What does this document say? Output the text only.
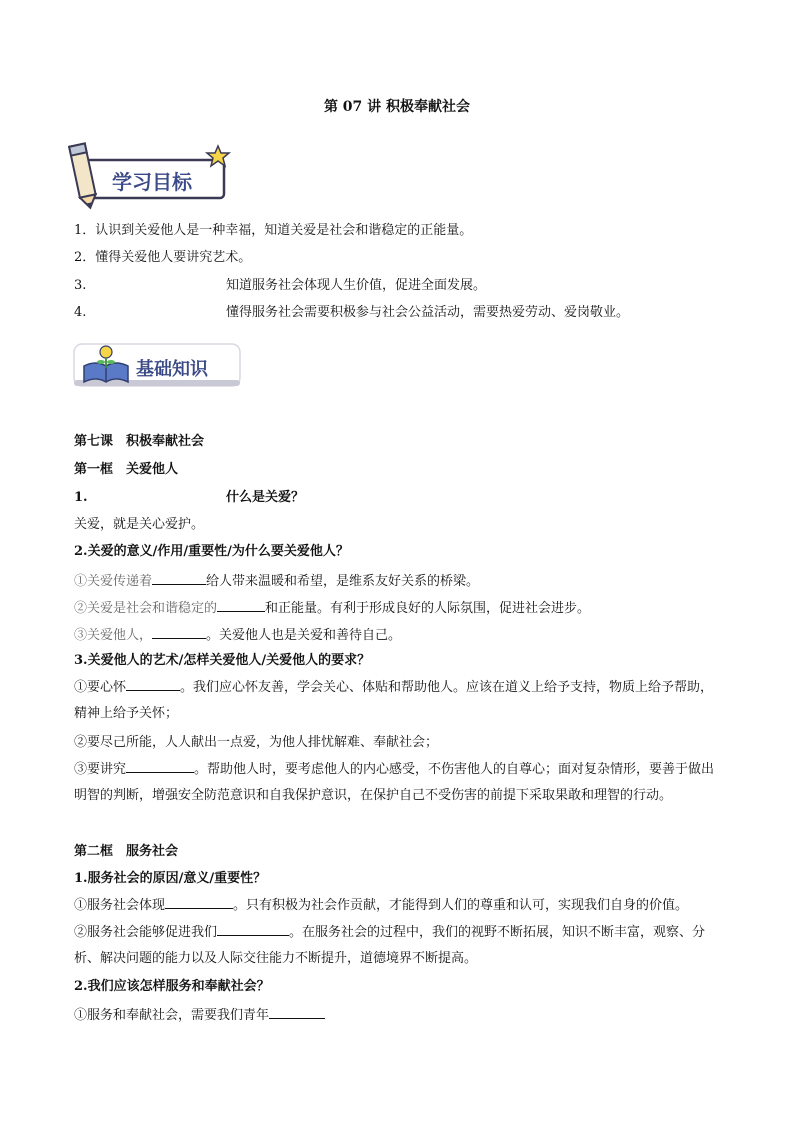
第 07 讲 积极奉献社会
学习目标
1．认识到关爱他人是一种幸福，知道关爱是社会和谐稳定的正能量。
2．懂得关爱他人要讲究艺术。
3.	知道服务社会体现人生价值，促进全面发展。
4.	懂得服务社会需要积极参与社会公益活动，需要热爱劳动、爱岗敬业。
基础知识
第七课　积极奉献社会
第一框　关爱他人
1.	什么是关爱？
关爱，就是关心爱护。
2.关爱的意义/作用/重要性/为什么要关爱他人？
①关爱传递着	给人带来温暖和希望，是维系友好关系的桥梁。
②关爱是社会和谐稳定的	和正能量。有利于形成良好的人际氛围，促进社会进步。
③关爱他人，	。关爱他人也是关爱和善待自己。
3.关爱他人的艺术/怎样关爱他人/关爱他人的要求？
①要心怀	。我们应心怀友善，学会关心、体贴和帮助他人。应该在道义上给予支持，物质上给予帮助，精神上给予关怀；
②要尽己所能，人人献出一点爱，为他人排忧解难、奉献社会；
③要讲究	。帮助他人时，要考虑他人的内心感受，不伤害他人的自尊心；面对复杂情形，要善于做出明智的判断，增强安全防范意识和自我保护意识，在保护自己不受伤害的前提下采取果敢和理智的行动。
第二框　服务社会
1.服务社会的原因/意义/重要性？
①服务社会体现	。只有积极为社会作贡献，才能得到人们的尊重和认可，实现我们自身的价值。
②服务社会能够促进我们	。在服务社会的过程中，我们的视野不断拓展，知识不断丰富，观察、分析、解决问题的能力以及人际交往能力不断提升，道德境界不断提高。
2.我们应该怎样服务和奉献社会？
①服务和奉献社会，需要我们青年
